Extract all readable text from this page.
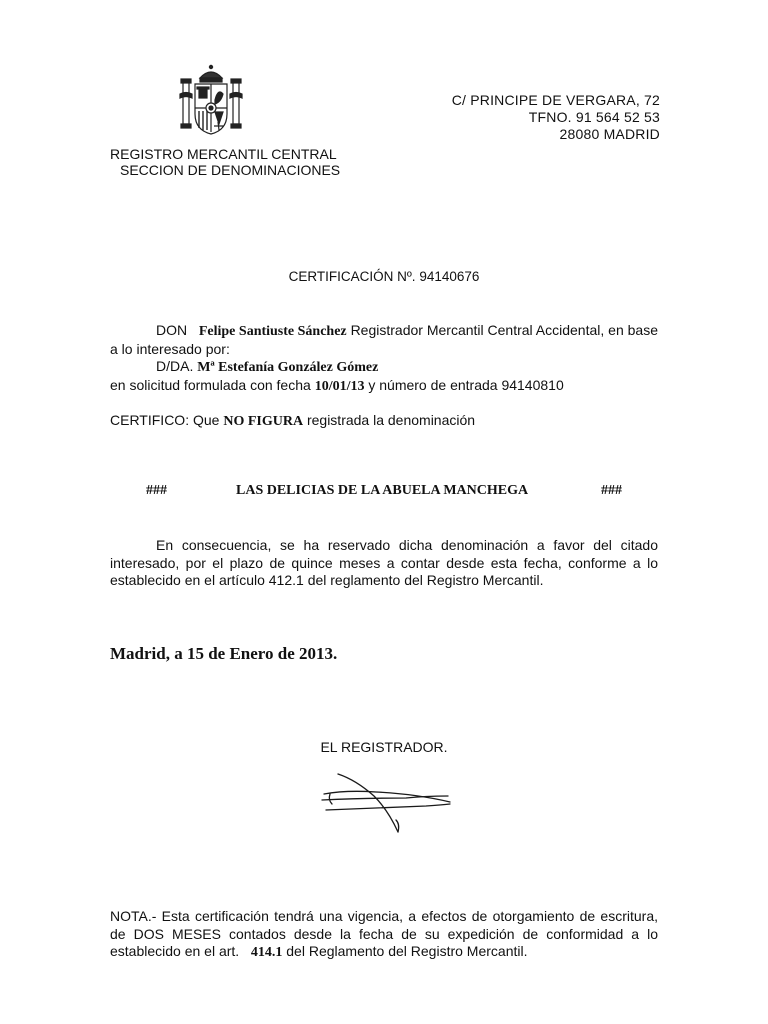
C/ PRINCIPE DE VERGARA, 72
TFNO. 91 564 52 53
28080 MADRID
REGISTRO MERCANTIL CENTRAL
SECCION DE DENOMINACIONES
CERTIFICACIÓN Nº. 94140676
DON Felipe Santiuste Sánchez Registrador Mercantil Central Accidental, en base a lo interesado por:
D/DA. Mª Estefanía González Gómez
en solicitud formulada con fecha 10/01/13 y número de entrada 94140810
CERTIFICO: Que NO FIGURA registrada la denominación
###	LAS DELICIAS DE LA ABUELA MANCHEGA	###
En consecuencia, se ha reservado dicha denominación a favor del citado interesado, por el plazo de quince meses a contar desde esta fecha, conforme a lo establecido en el artículo 412.1 del reglamento del Registro Mercantil.
Madrid, a 15 de Enero de 2013.
EL REGISTRADOR.
NOTA.- Esta certificación tendrá una vigencia, a efectos de otorgamiento de escritura, de DOS MESES contados desde la fecha de su expedición de conformidad a lo establecido en el art. 414.1 del Reglamento del Registro Mercantil.
